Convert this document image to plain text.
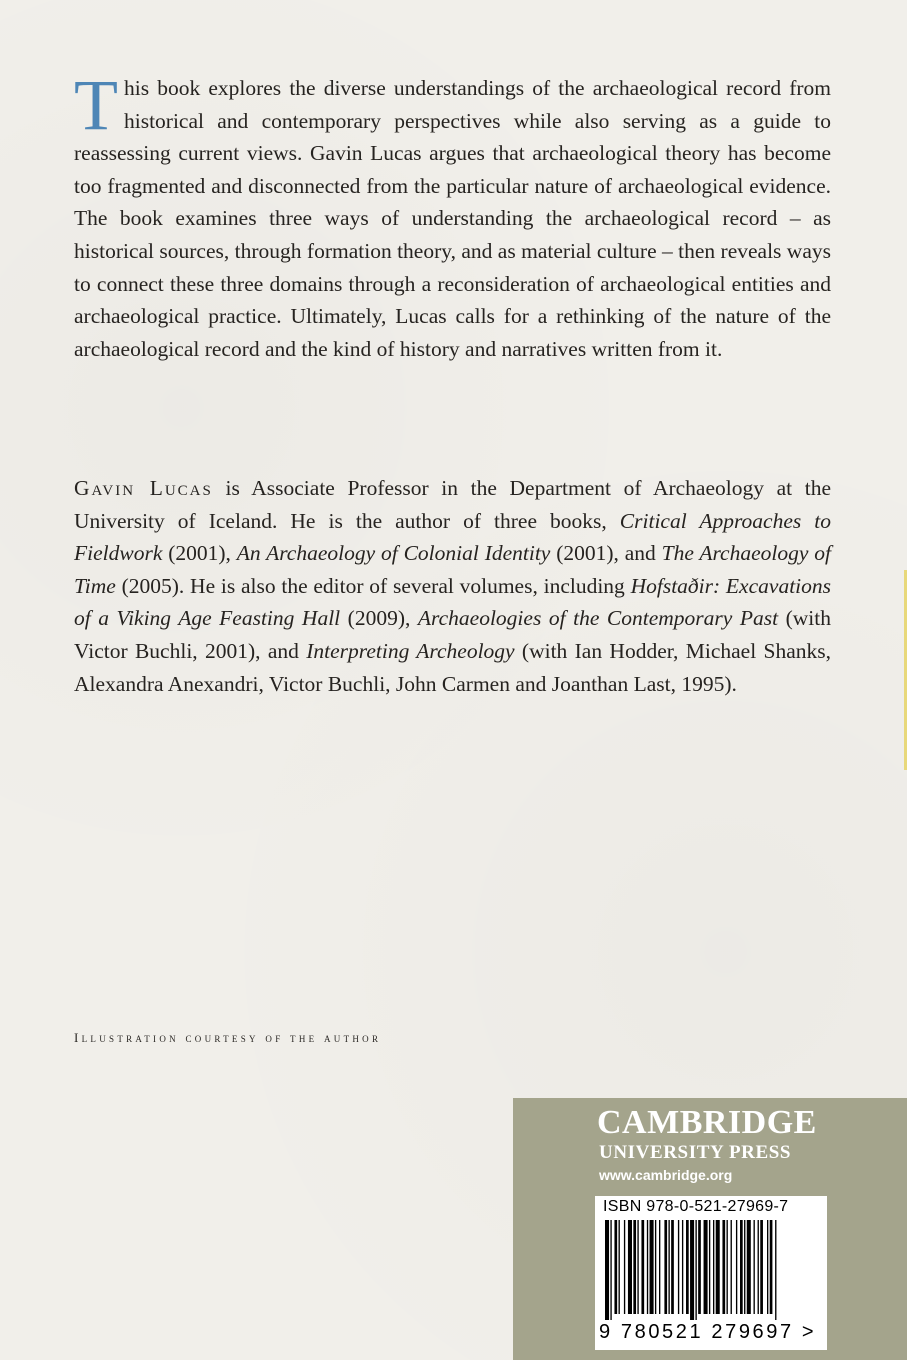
This book explores the diverse understandings of the archaeological record from historical and contemporary perspectives while also serving as a guide to reassessing current views. Gavin Lucas argues that archaeological theory has become too fragmented and disconnected from the particular nature of archaeological evidence. The book examines three ways of understanding the archaeological record – as historical sources, through formation theory, and as material culture – then reveals ways to connect these three domains through a reconsideration of archaeological entities and archaeological practice. Ultimately, Lucas calls for a rethinking of the nature of the archaeological record and the kind of history and narratives written from it.

Gavin Lucas is Associate Professor in the Department of Archaeology at the University of Iceland. He is the author of three books, Critical Approaches to Fieldwork (2001), An Archaeology of Colonial Identity (2001), and The Archaeology of Time (2005). He is also the editor of several volumes, including Hofstaðir: Excavations of a Viking Age Feasting Hall (2009), Archaeologies of the Contemporary Past (with Victor Buchli, 2001), and Interpreting Archeology (with Ian Hodder, Michael Shanks, Alexandra Anexandri, Victor Buchli, John Carmen and Joanthan Last, 1995).

Illustration courtesy of the author

CAMBRIDGE

UNIVERSITY PRESS

www.cambridge.org

ISBN 978-0-521-27969-7

9 780521 279697 >
